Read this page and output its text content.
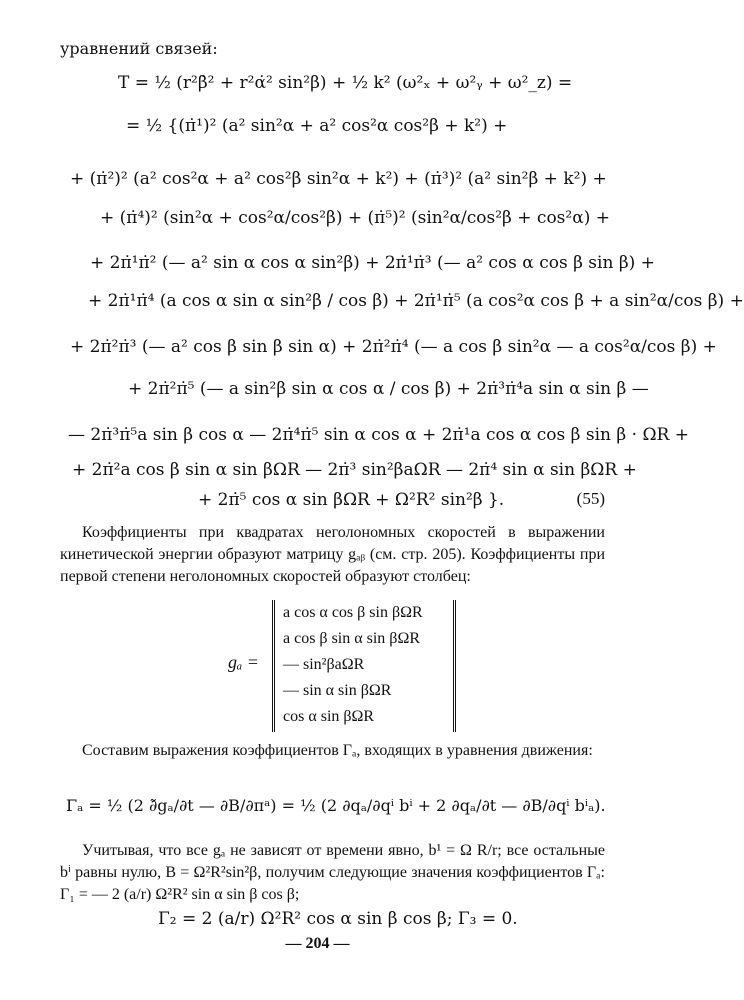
уравнений связей:
T = ½ (r²β̇² + r²α̇² sin²β) + ½ k² (ω²ₓ + ω²ᵧ + ω²_z) =
= ½ {(π̇¹)² (a² sin²α + a² cos²α cos²β + k²) +
+ (π̇²)² (a² cos²α + a² cos²β sin²α + k²) + (π̇³)² (a² sin²β + k²) +
+ (π̇⁴)² (sin²α + cos²α/cos²β) + (π̇⁵)² (sin²α/cos²β + cos²α) +
+ 2π̇¹π̇² (— a² sin α cos α sin²β) + 2π̇¹π̇³ (— a² cos α cos β sin β) +
+ 2π̇¹π̇⁴ (a cos α sin α sin²β / cos β) + 2π̇¹π̇⁵ (a cos²α cos β + a sin²α/cos β) +
+ 2π̇²π̇³ (— a² cos β sin β sin α) + 2π̇²π̇⁴ (— a cos β sin²α — a cos²α/cos β) +
+ 2π̇²π̇⁵ (— a sin²β sin α cos α / cos β) + 2π̇³π̇⁴a sin α sin β —
— 2π̇³π̇⁵a sin β cos α — 2π̇⁴π̇⁵ sin α cos α + 2π̇¹a cos α cos β sin β · ΩR +
+ 2π̇²a cos β sin α sin βΩR — 2π̇³ sin²βaΩR — 2π̇⁴ sin α sin βΩR +
+ 2π̇⁵ cos α sin βΩR + Ω²R² sin²β }.	(55)
Коэффициенты при квадратах неголономных скоростей в выражении кинетической энергии образуют матрицу gₐᵦ (см. стр. 205). Коэффициенты при первой степени неголономных скоростей образуют столбец:
gₐ =
a cos α cos β sin βΩR
a cos β sin α sin βΩR
— sin²βaΩR
— sin α sin βΩR
cos α sin βΩR
Составим выражения коэффициентов Γₐ, входящих в уравнения движения:
Γₐ = ½ (2 ∂̃gₐ/∂t — ∂B/∂πᵃ) = ½ (2 ∂qₐ/∂qⁱ bⁱ + 2 ∂qₐ/∂t — ∂B/∂qⁱ bⁱₐ).
Учитывая, что все gₐ не зависят от времени явно, b¹ = Ω R/r; все остальные bⁱ равны нулю, B = Ω²R²sin²β, получим следующие значения коэффициентов Γₐ: Γ₁ = — 2 (a/r) Ω²R² sin α sin β cos β;
Γ₂ = 2 (a/r) Ω²R² cos α sin β cos β; Γ₃ = 0.
— 204 —
